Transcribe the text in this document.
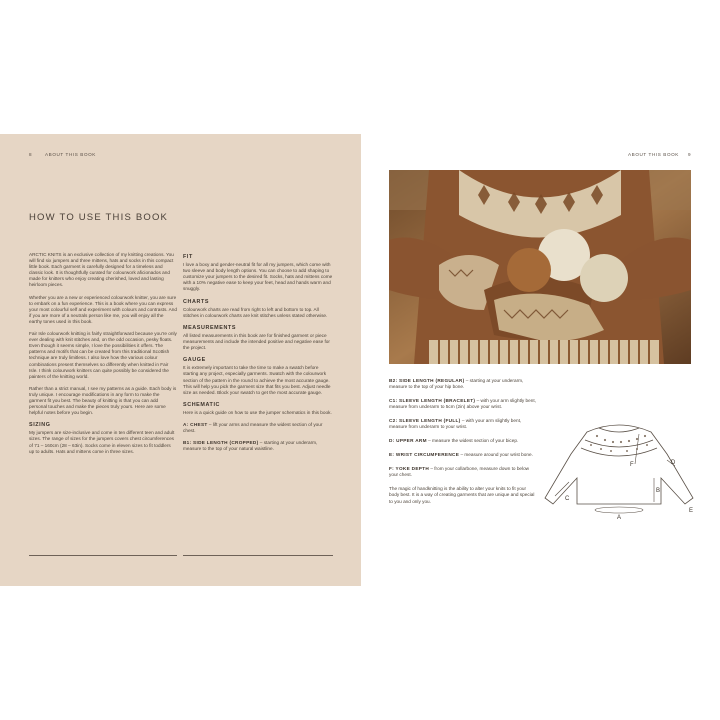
8	ABOUT THIS BOOK
HOW TO USE THIS BOOK

ARCTIC KNITS is an exclusive collection of my knitting creations. You will find six jumpers and three mittens, hats and socks in this compact little book. Each garment is carefully designed for a timeless and classic look. It is thoughtfully curated for colourwork aficionados and made for knitters who enjoy creating cherished, loved and lasting heirloom pieces.

Whether you are a new or experienced colourwork knitter, you are sure to embark on a fun experience. This is a book where you can express your most colourful self and experiment with colours and contrasts. And if you are more of a neutrals person like me, you will enjoy all the earthy tones used in this book.

Fair Isle colourwork knitting is fairly straightforward because you're only ever dealing with knit stitches and, on the odd occasion, pesky floats. Even though it seems simple, I love the possibilities it offers. The patterns and motifs that can be created from this traditional Scottish technique are truly limitless. I also love how the various colour combinations present themselves so differently when knitted in Fair Isle. I think colourwork knitters can quite possibly be considered the painters of the knitting world.

Rather than a strict manual, I see my patterns as a guide. Each body is truly unique. I encourage modifications in any form to make the garment fit you best. The beauty of knitting is that you can add personal touches and make the pieces truly yours. Here are some helpful notes before you begin.

SIZING

My jumpers are size-inclusive and come in ten different teen and adult sizes. The range of sizes for the jumpers covers chest circumferences of 71 – 160cm (28 – 63in). Socks come in eleven sizes to fit toddlers up to adults. Hats and mittens come in three sizes.

FIT

I love a boxy and gender-neutral fit for all my jumpers, which come with two sleeve and body length options. You can choose to add shaping to customize your jumpers to the desired fit. Socks, hats and mittens come with a 10% negative ease to keep your feet, head and hands warm and snuggly.

CHARTS

Colourwork charts are read from right to left and bottom to top. All stitches in colourwork charts are knit stitches unless stated otherwise.

MEASUREMENTS

All listed measurements in this book are for finished garment or piece measurements and include the intended positive and negative ease for the project.

GAUGE

It is extremely important to take the time to make a swatch before starting any project, especially garments. Swatch with the colourwork section of the pattern in the round to achieve the most accurate gauge. This will help you pick the garment size that fits you best. Adjust needle size as needed. Block your swatch to get the most accurate gauge.

SCHEMATIC

Here is a quick guide on how to use the jumper schematics in this book.

A: CHEST – lift your arms and measure the widest section of your chest.

B1: SIDE LENGTH (CROPPED) – starting at your underarm, measure to the top of your natural waistline.

ABOUT THIS BOOK 9

B2: SIDE LENGTH (REGULAR) – starting at your underarm, measure to the top of your hip bone.

C1: SLEEVE LENGTH (BRACELET) – with your arm slightly bent, measure from underarm to 5cm (2in) above your wrist.

C2: SLEEVE LENGTH (FULL) – with your arm slightly bent, measure from underarm to your wrist.

D: UPPER ARM – measure the widest section of your bicep.

E: WRIST CIRCUMFERENCE – measure around your wrist bone.

F: YOKE DEPTH – from your collarbone, measure down to below your chest.

The magic of handknitting is the ability to alter your knits to fit your body best. It is a way of creating garments that are unique and special to you and only you.

A
B
C
D
E
F
